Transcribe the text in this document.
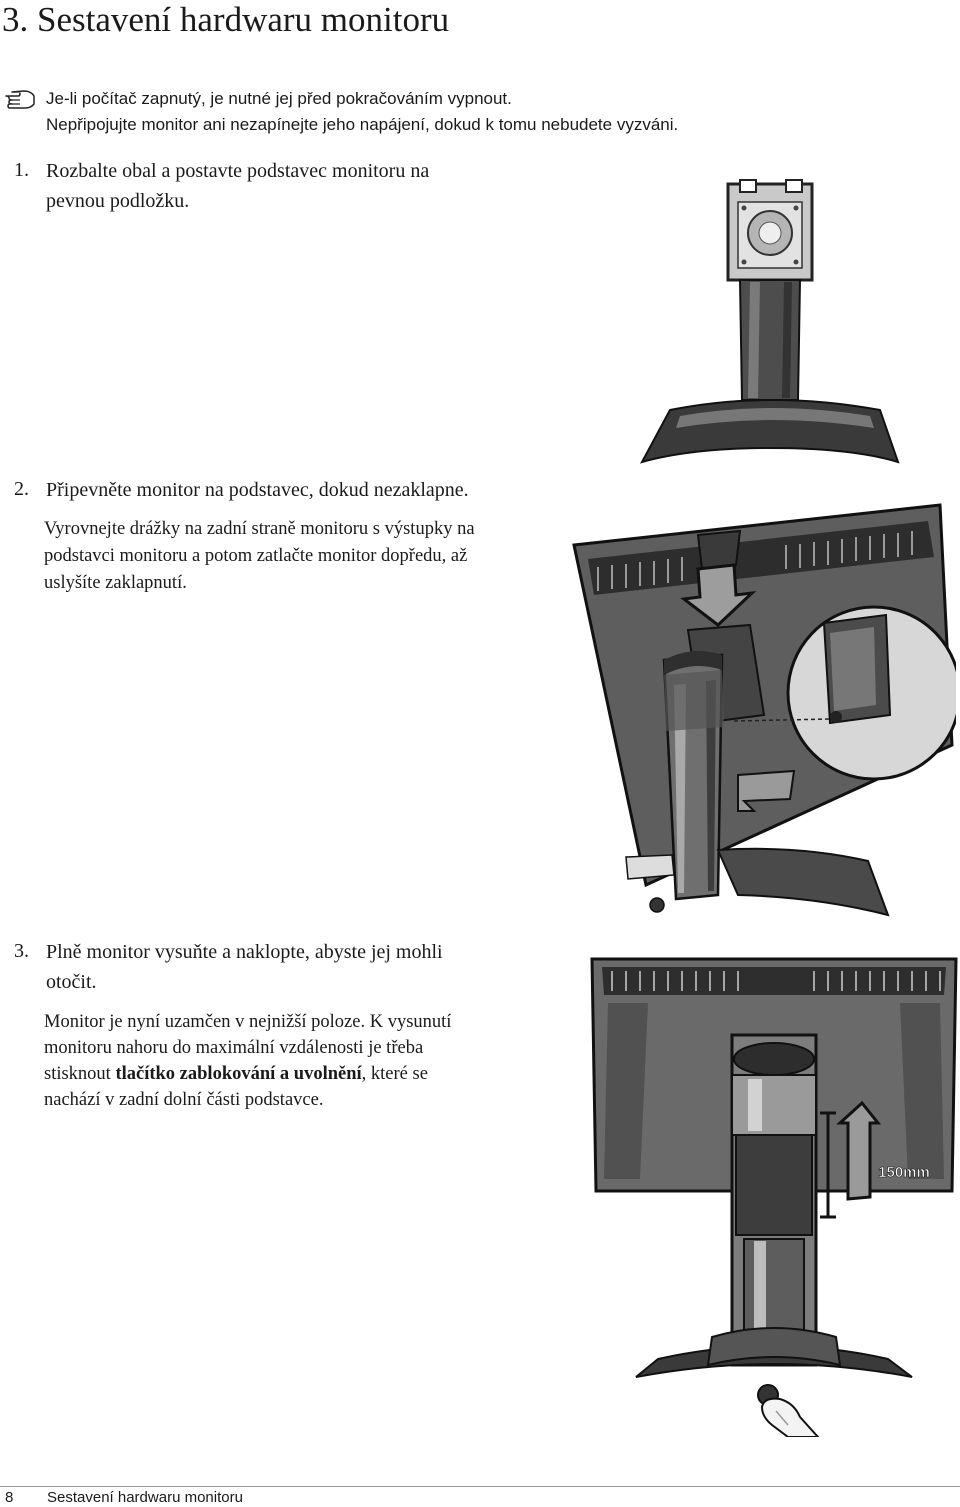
3. Sestavení hardwaru monitoru
Je-li počítač zapnutý, je nutné jej před pokračováním vypnout.
Nepřipojujte monitor ani nezapínejte jeho napájení, dokud k tomu nebudete vyzváni.
1. Rozbalte obal a postavte podstavec monitoru na
pevnou podložku.
2. Připevněte monitor na podstavec, dokud nezaklapne.
Vyrovnejte drážky na zadní straně monitoru s výstupky na
podstavci monitoru a potom zatlačte monitor dopředu, až
uslyšíte zaklapnutí.
3. Plně monitor vysuňte a naklopte, abyste jej mohli
otočit.
Monitor je nyní uzamčen v nejnižší poloze. K vysunutí
monitoru nahoru do maximální vzdálenosti je třeba
stisknout tlačítko zablokování a uvolnění, které se
nachází v zadní dolní části podstavce.
150mm
8 Sestavení hardwaru monitoru
